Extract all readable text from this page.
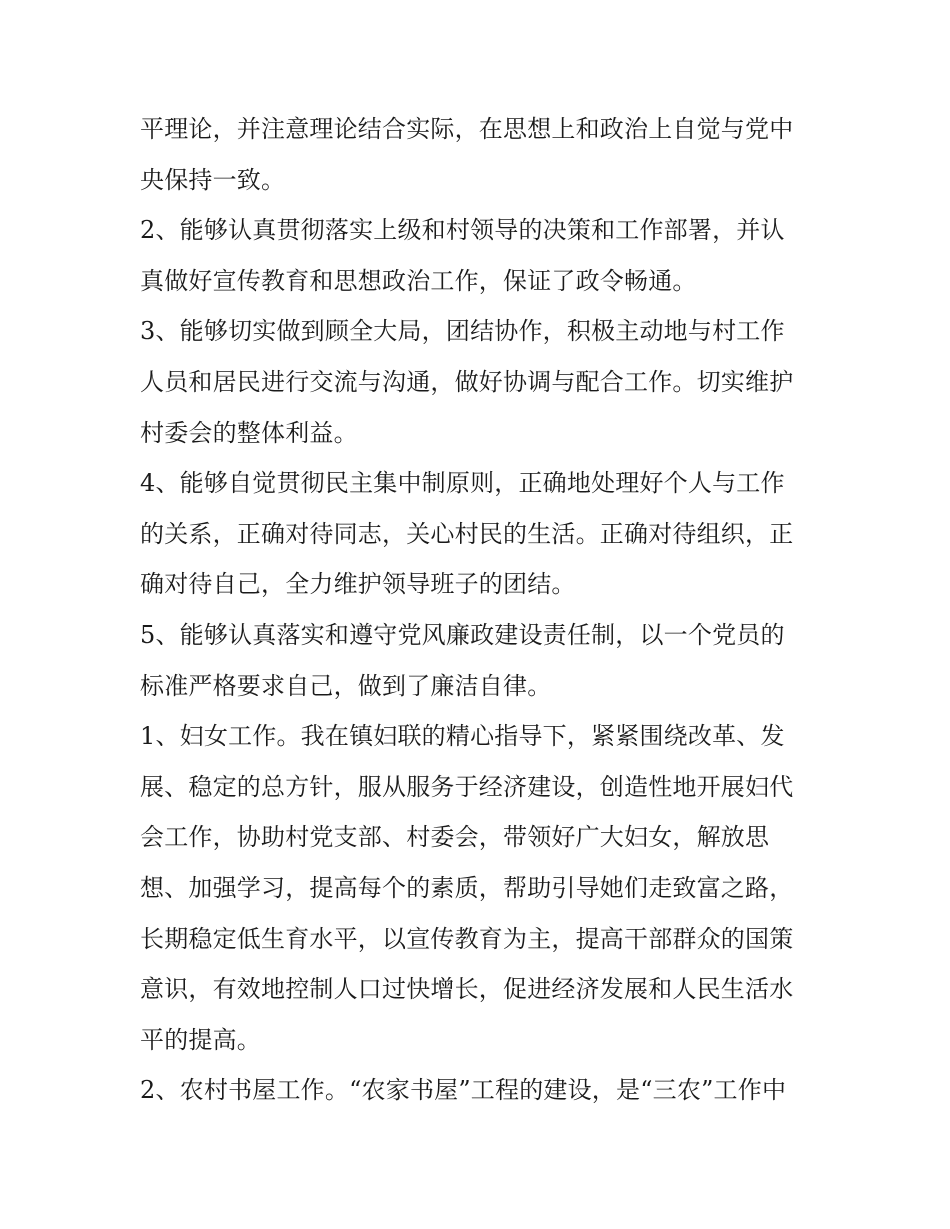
平理论，并注意理论结合实际，在思想上和政治上自觉与党中
央保持一致。
2、能够认真贯彻落实上级和村领导的决策和工作部署，并认
真做好宣传教育和思想政治工作，保证了政令畅通。
3、能够切实做到顾全大局，团结协作，积极主动地与村工作
人员和居民进行交流与沟通，做好协调与配合工作。切实维护
村委会的整体利益。
4、能够自觉贯彻民主集中制原则，正确地处理好个人与工作
的关系，正确对待同志，关心村民的生活。正确对待组织，正
确对待自己，全力维护领导班子的团结。
5、能够认真落实和遵守党风廉政建设责任制，以一个党员的
标准严格要求自己，做到了廉洁自律。
1、妇女工作。我在镇妇联的精心指导下，紧紧围绕改革、发
展、稳定的总方针，服从服务于经济建设，创造性地开展妇代
会工作，协助村党支部、村委会，带领好广大妇女，解放思
想、加强学习，提高每个的素质，帮助引导她们走致富之路，
长期稳定低生育水平，以宣传教育为主，提高干部群众的国策
意识，有效地控制人口过快增长，促进经济发展和人民生活水
平的提高。
2、农村书屋工作。“农家书屋”工程的建设，是“三农”工作中
